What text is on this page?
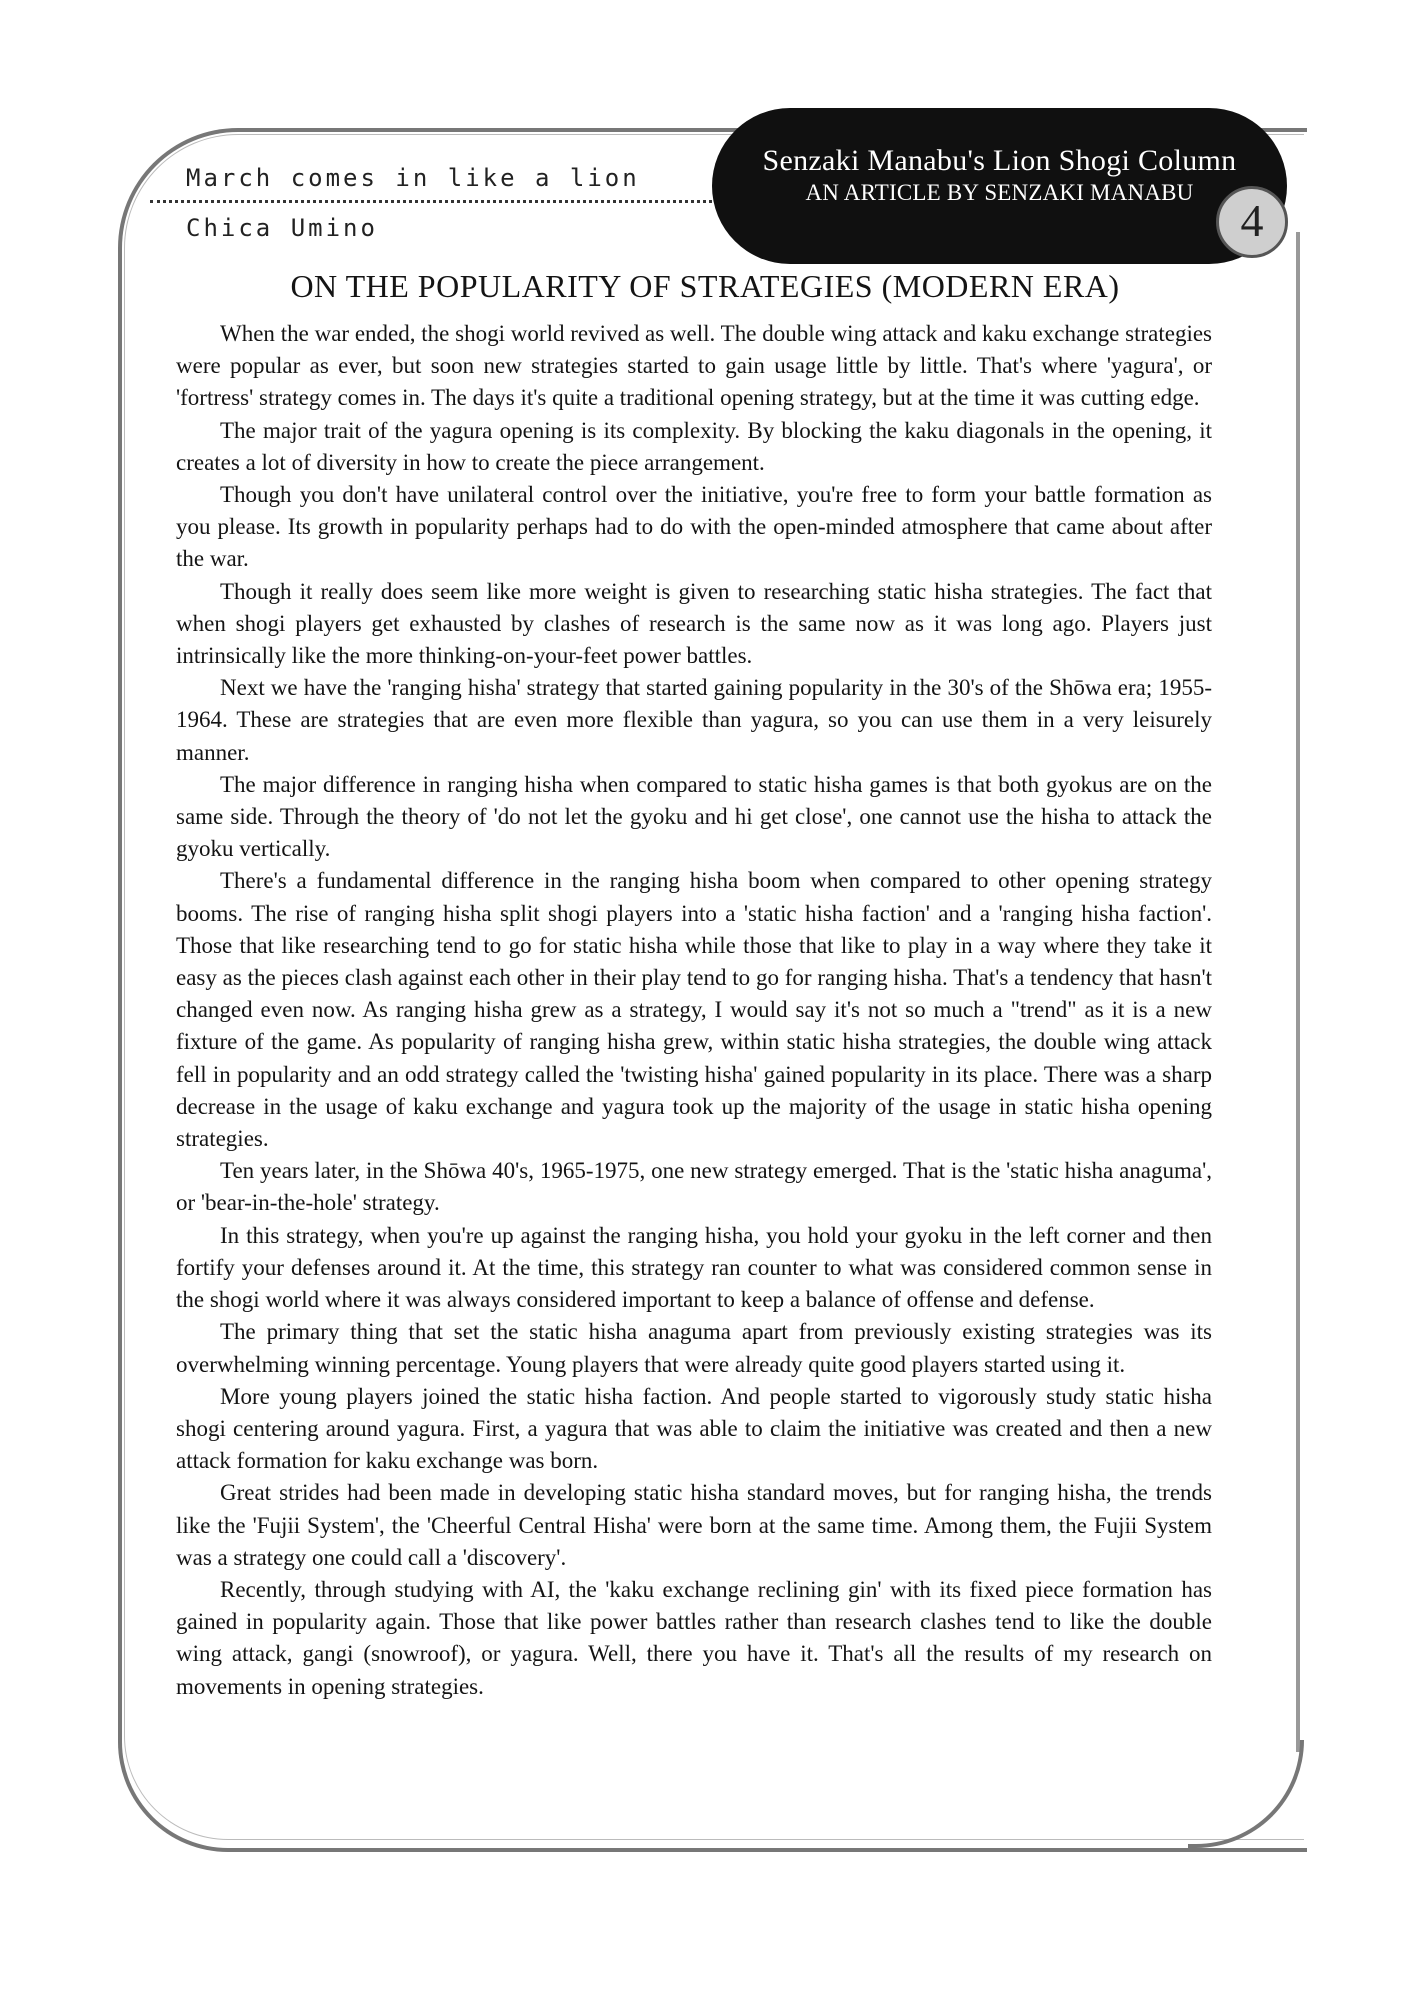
March comes in like a lion
Chica Umino
Senzaki Manabu's Lion Shogi Column
AN ARTICLE BY SENZAKI MANABU
4
ON THE POPULARITY OF STRATEGIES (MODERN ERA)

When the war ended, the shogi world revived as well. The double wing attack and kaku exchange strategies were popular as ever, but soon new strategies started to gain usage little by little. That's where 'yagura', or 'fortress' strategy comes in. The days it's quite a traditional opening strategy, but at the time it was cutting edge.

The major trait of the yagura opening is its complexity. By blocking the kaku diagonals in the opening, it creates a lot of diversity in how to create the piece arrangement.

Though you don't have unilateral control over the initiative, you're free to form your battle formation as you please. Its growth in popularity perhaps had to do with the open-minded atmosphere that came about after the war.

Though it really does seem like more weight is given to researching static hisha strategies. The fact that when shogi players get exhausted by clashes of research is the same now as it was long ago. Players just intrinsically like the more thinking-on-your-feet power battles.

Next we have the 'ranging hisha' strategy that started gaining popularity in the 30's of the Shōwa era; 1955-1964. These are strategies that are even more flexible than yagura, so you can use them in a very leisurely manner.

The major difference in ranging hisha when compared to static hisha games is that both gyokus are on the same side. Through the theory of 'do not let the gyoku and hi get close', one cannot use the hisha to attack the gyoku vertically.

There's a fundamental difference in the ranging hisha boom when compared to other opening strategy booms. The rise of ranging hisha split shogi players into a 'static hisha faction' and a 'ranging hisha faction'. Those that like researching tend to go for static hisha while those that like to play in a way where they take it easy as the pieces clash against each other in their play tend to go for ranging hisha. That's a tendency that hasn't changed even now. As ranging hisha grew as a strategy, I would say it's not so much a "trend" as it is a new fixture of the game. As popularity of ranging hisha grew, within static hisha strategies, the double wing attack fell in popularity and an odd strategy called the 'twisting hisha' gained popularity in its place. There was a sharp decrease in the usage of kaku exchange and yagura took up the majority of the usage in static hisha opening strategies.

Ten years later, in the Shōwa 40's, 1965-1975, one new strategy emerged. That is the 'static hisha anaguma', or 'bear-in-the-hole' strategy.

In this strategy, when you're up against the ranging hisha, you hold your gyoku in the left corner and then fortify your defenses around it. At the time, this strategy ran counter to what was considered common sense in the shogi world where it was always considered important to keep a balance of offense and defense.

The primary thing that set the static hisha anaguma apart from previously existing strategies was its overwhelming winning percentage. Young players that were already quite good players started using it.

More young players joined the static hisha faction. And people started to vigorously study static hisha shogi centering around yagura. First, a yagura that was able to claim the initiative was created and then a new attack formation for kaku exchange was born.

Great strides had been made in developing static hisha standard moves, but for ranging hisha, the trends like the 'Fujii System', the 'Cheerful Central Hisha' were born at the same time. Among them, the Fujii System was a strategy one could call a 'discovery'.

Recently, through studying with AI, the 'kaku exchange reclining gin' with its fixed piece formation has gained in popularity again. Those that like power battles rather than research clashes tend to like the double wing attack, gangi (snowroof), or yagura. Well, there you have it. That's all the results of my research on movements in opening strategies.
